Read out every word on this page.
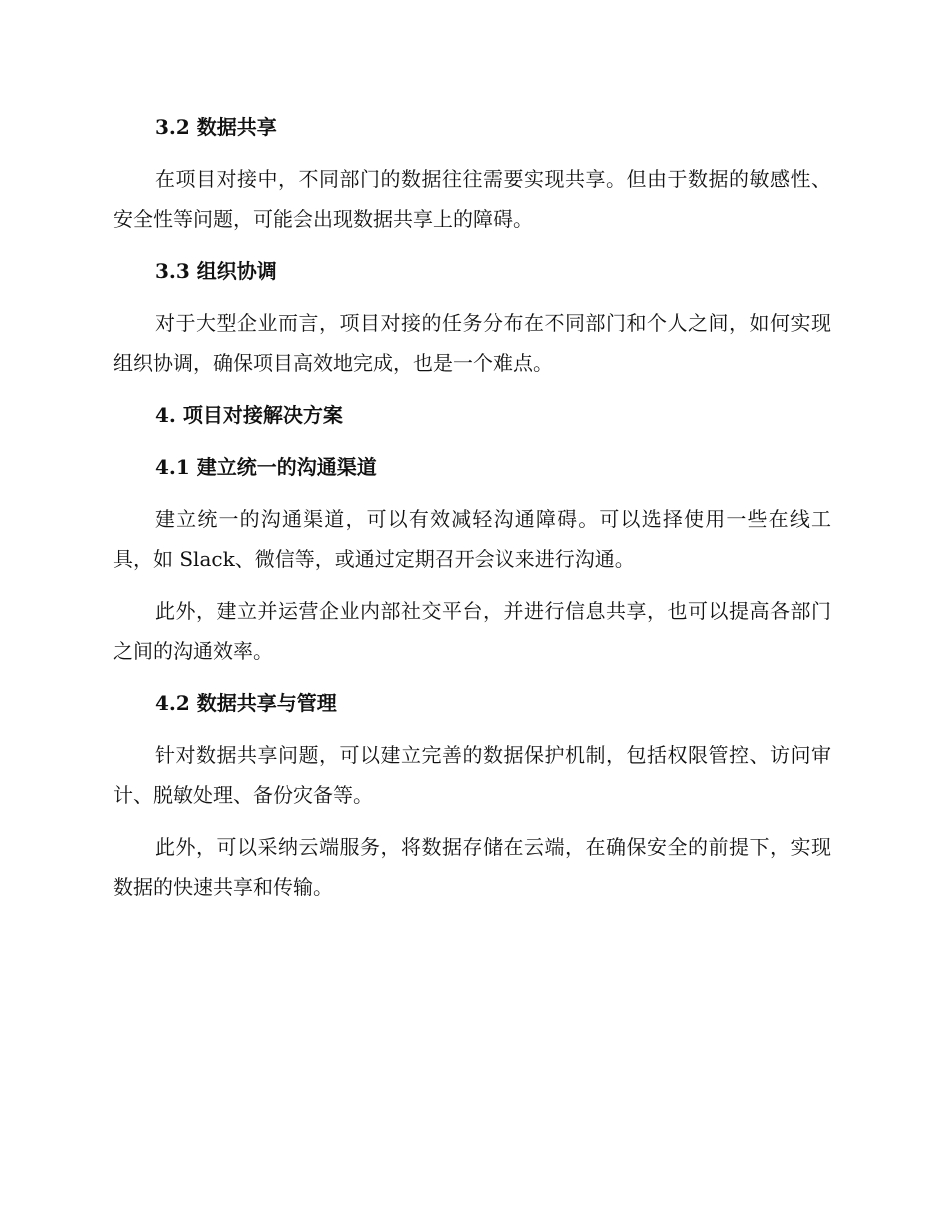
3.2 数据共享

在项目对接中，不同部门的数据往往需要实现共享。但由于数据的敏感性、安全性等问题，可能会出现数据共享上的障碍。

3.3 组织协调

对于大型企业而言，项目对接的任务分布在不同部门和个人之间，如何实现组织协调，确保项目高效地完成，也是一个难点。

4. 项目对接解决方案
4.1 建立统一的沟通渠道

建立统一的沟通渠道，可以有效减轻沟通障碍。可以选择使用一些在线工具，如 Slack、微信等，或通过定期召开会议来进行沟通。

此外，建立并运营企业内部社交平台，并进行信息共享，也可以提高各部门之间的沟通效率。

4.2 数据共享与管理

针对数据共享问题，可以建立完善的数据保护机制，包括权限管控、访问审计、脱敏处理、备份灾备等。

此外，可以采纳云端服务，将数据存储在云端，在确保安全的前提下，实现数据的快速共享和传输。
